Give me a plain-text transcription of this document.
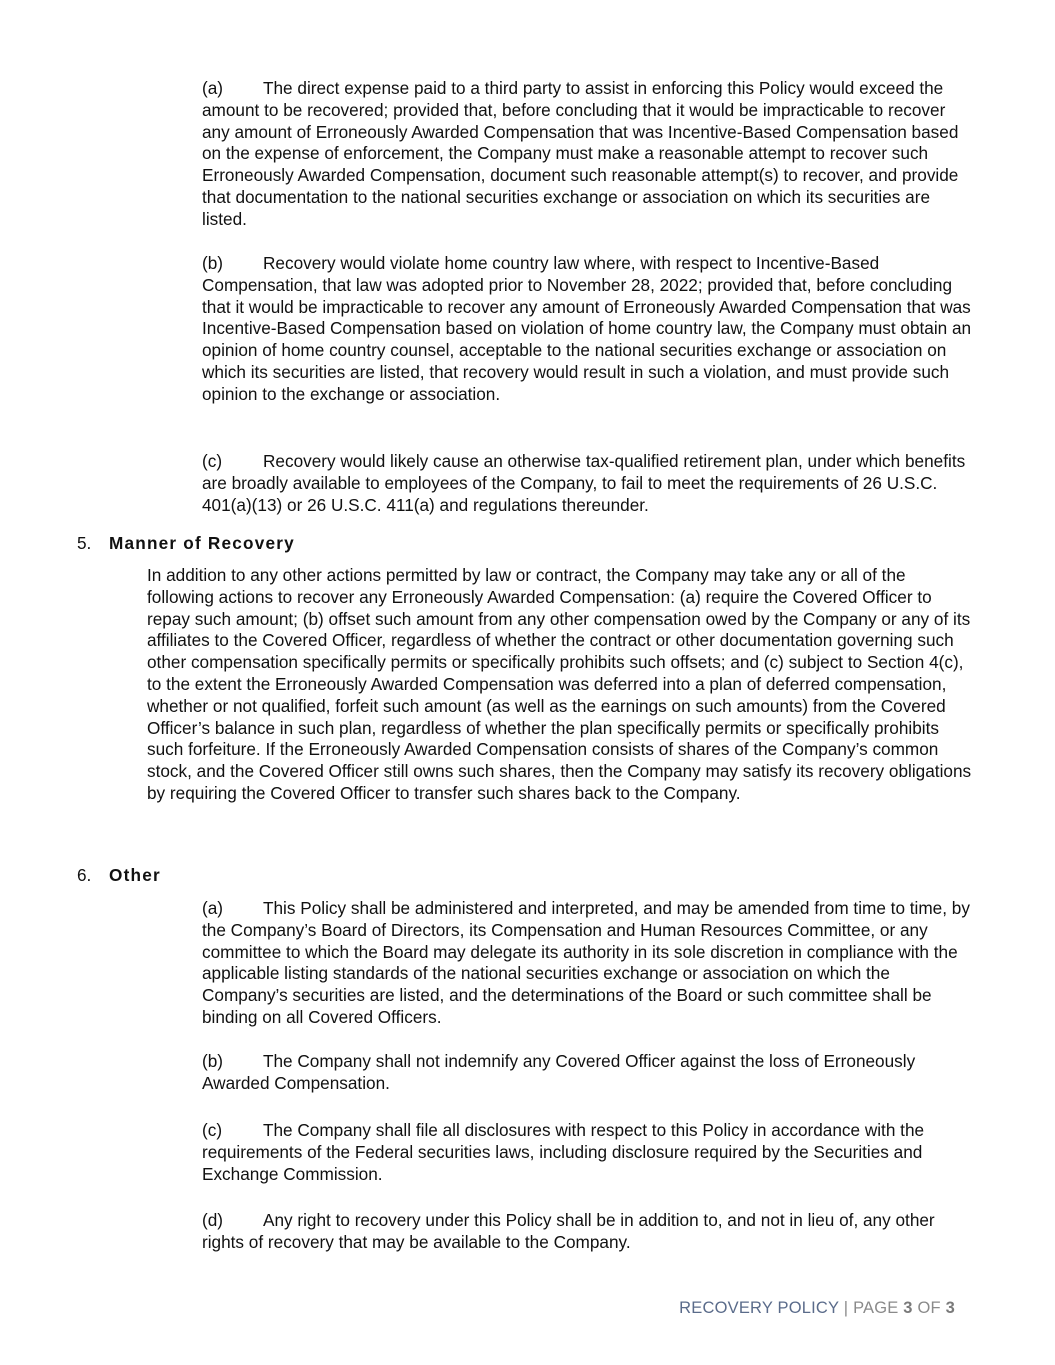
(a) The direct expense paid to a third party to assist in enforcing this Policy would exceed the amount to be recovered; provided that, before concluding that it would be impracticable to recover any amount of Erroneously Awarded Compensation that was Incentive-Based Compensation based on the expense of enforcement, the Company must make a reasonable attempt to recover such Erroneously Awarded Compensation, document such reasonable attempt(s) to recover, and provide that documentation to the national securities exchange or association on which its securities are listed.

(b) Recovery would violate home country law where, with respect to Incentive-Based Compensation, that law was adopted prior to November 28, 2022; provided that, before concluding that it would be impracticable to recover any amount of Erroneously Awarded Compensation that was Incentive-Based Compensation based on violation of home country law, the Company must obtain an opinion of home country counsel, acceptable to the national securities exchange or association on which its securities are listed, that recovery would result in such a violation, and must provide such opinion to the exchange or association.

(c) Recovery would likely cause an otherwise tax-qualified retirement plan, under which benefits are broadly available to employees of the Company, to fail to meet the requirements of 26 U.S.C. 401(a)(13) or 26 U.S.C. 411(a) and regulations thereunder.

5. Manner of Recovery

In addition to any other actions permitted by law or contract, the Company may take any or all of the following actions to recover any Erroneously Awarded Compensation: (a) require the Covered Officer to repay such amount; (b) offset such amount from any other compensation owed by the Company or any of its affiliates to the Covered Officer, regardless of whether the contract or other documentation governing such other compensation specifically permits or specifically prohibits such offsets; and (c) subject to Section 4(c), to the extent the Erroneously Awarded Compensation was deferred into a plan of deferred compensation, whether or not qualified, forfeit such amount (as well as the earnings on such amounts) from the Covered Officer’s balance in such plan, regardless of whether the plan specifically permits or specifically prohibits such forfeiture. If the Erroneously Awarded Compensation consists of shares of the Company’s common stock, and the Covered Officer still owns such shares, then the Company may satisfy its recovery obligations by requiring the Covered Officer to transfer such shares back to the Company.

6. Other

(a) This Policy shall be administered and interpreted, and may be amended from time to time, by the Company’s Board of Directors, its Compensation and Human Resources Committee, or any committee to which the Board may delegate its authority in its sole discretion in compliance with the applicable listing standards of the national securities exchange or association on which the Company’s securities are listed, and the determinations of the Board or such committee shall be binding on all Covered Officers.

(b) The Company shall not indemnify any Covered Officer against the loss of Erroneously Awarded Compensation.

(c) The Company shall file all disclosures with respect to this Policy in accordance with the requirements of the Federal securities laws, including disclosure required by the Securities and Exchange Commission.

(d) Any right to recovery under this Policy shall be in addition to, and not in lieu of, any other rights of recovery that may be available to the Company.

RECOVERY POLICY | PAGE 3 OF 3
